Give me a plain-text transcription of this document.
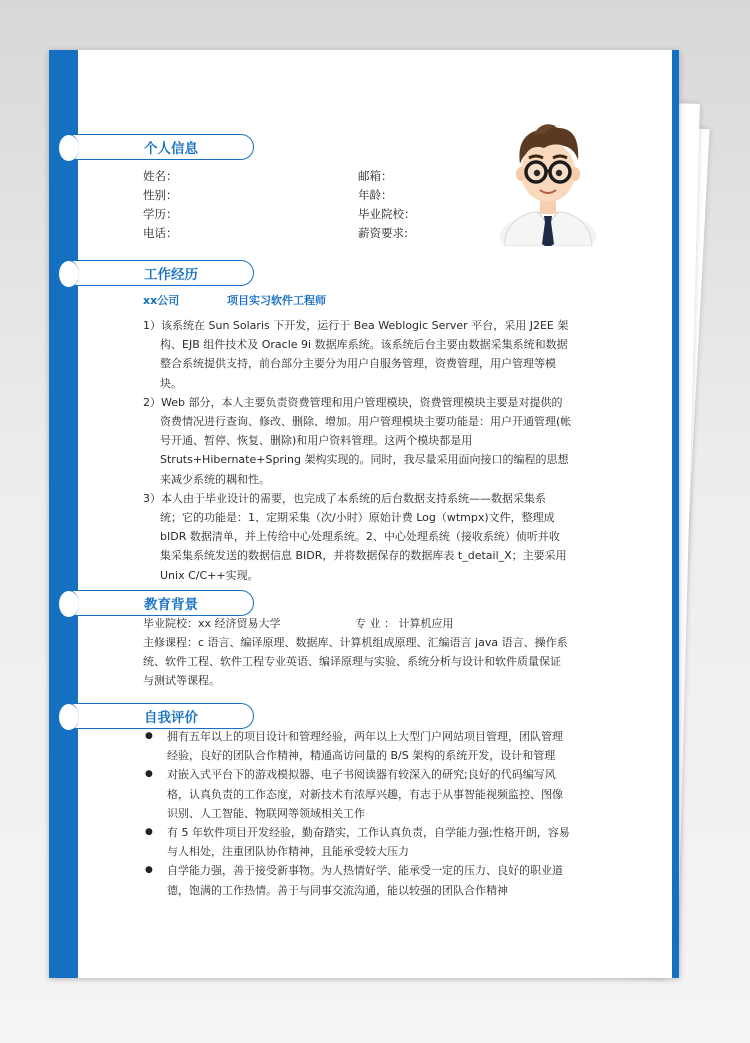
个人信息
姓名：
性别：
学历：
电话：
邮箱：
年龄：
毕业院校：
薪资要求:
工作经历
xx公司	项目实习软件工程师
1）该系统在 Sun Solaris 下开发，运行于 Bea Weblogic Server 平台，采用 J2EE 架
构、EJB 组件技术及 Oracle 9i 数据库系统。该系统后台主要由数据采集系统和数据
整合系统提供支持，前台部分主要分为用户自服务管理，资费管理，用户管理等模
块。
2）Web 部分，本人主要负责资费管理和用户管理模块，资费管理模块主要是对提供的
资费情况进行查询、修改、删除、增加。用户管理模块主要功能是：用户开通管理(帐
号开通、暂停、恢复、删除)和用户资料管理。这两个模块都是用
Struts+Hibernate+Spring 架构实现的。同时，我尽量采用面向接口的编程的思想
来减少系统的耦和性。
3）本人由于毕业设计的需要，也完成了本系统的后台数据支持系统——数据采集系
统；它的功能是：1、定期采集（次/小时）原始计费 Log（wtmpx)文件，整理成
bIDR 数据清单，并上传给中心处理系统。2、中心处理系统（接收系统）侦听并收
集采集系统发送的数据信息 BIDR，并将数据保存的数据库表 t_detail_X；主要采用
Unix C/C++实现。
教育背景
毕业院校：xx 经济贸易大学	专 业 ： 计算机应用
主修课程：c 语言、编译原理、数据库、计算机组成原理、汇编语言 java 语言、操作系
统、软件工程、软件工程专业英语、编译原理与实验、系统分析与设计和软件质量保证
与测试等课程。
自我评价
● 拥有五年以上的项目设计和管理经验，两年以上大型门户网站项目管理，团队管理
经验，良好的团队合作精神，精通高访问量的 B/S 架构的系统开发，设计和管理
● 对嵌入式平台下的游戏模拟器、电子书阅读器有较深入的研究;良好的代码编写风
格，认真负责的工作态度，对新技术有浓厚兴趣，有志于从事智能视频监控、图像
识别、人工智能、物联网等领域相关工作
● 有 5 年软件项目开发经验，勤奋踏实，工作认真负责，自学能力强;性格开朗，容易
与人相处，注重团队协作精神，且能承受较大压力
● 自学能力强，善于接受新事物。为人热情好学、能承受一定的压力、良好的职业道
德，饱满的工作热情。善于与同事交流沟通，能以较强的团队合作精神
